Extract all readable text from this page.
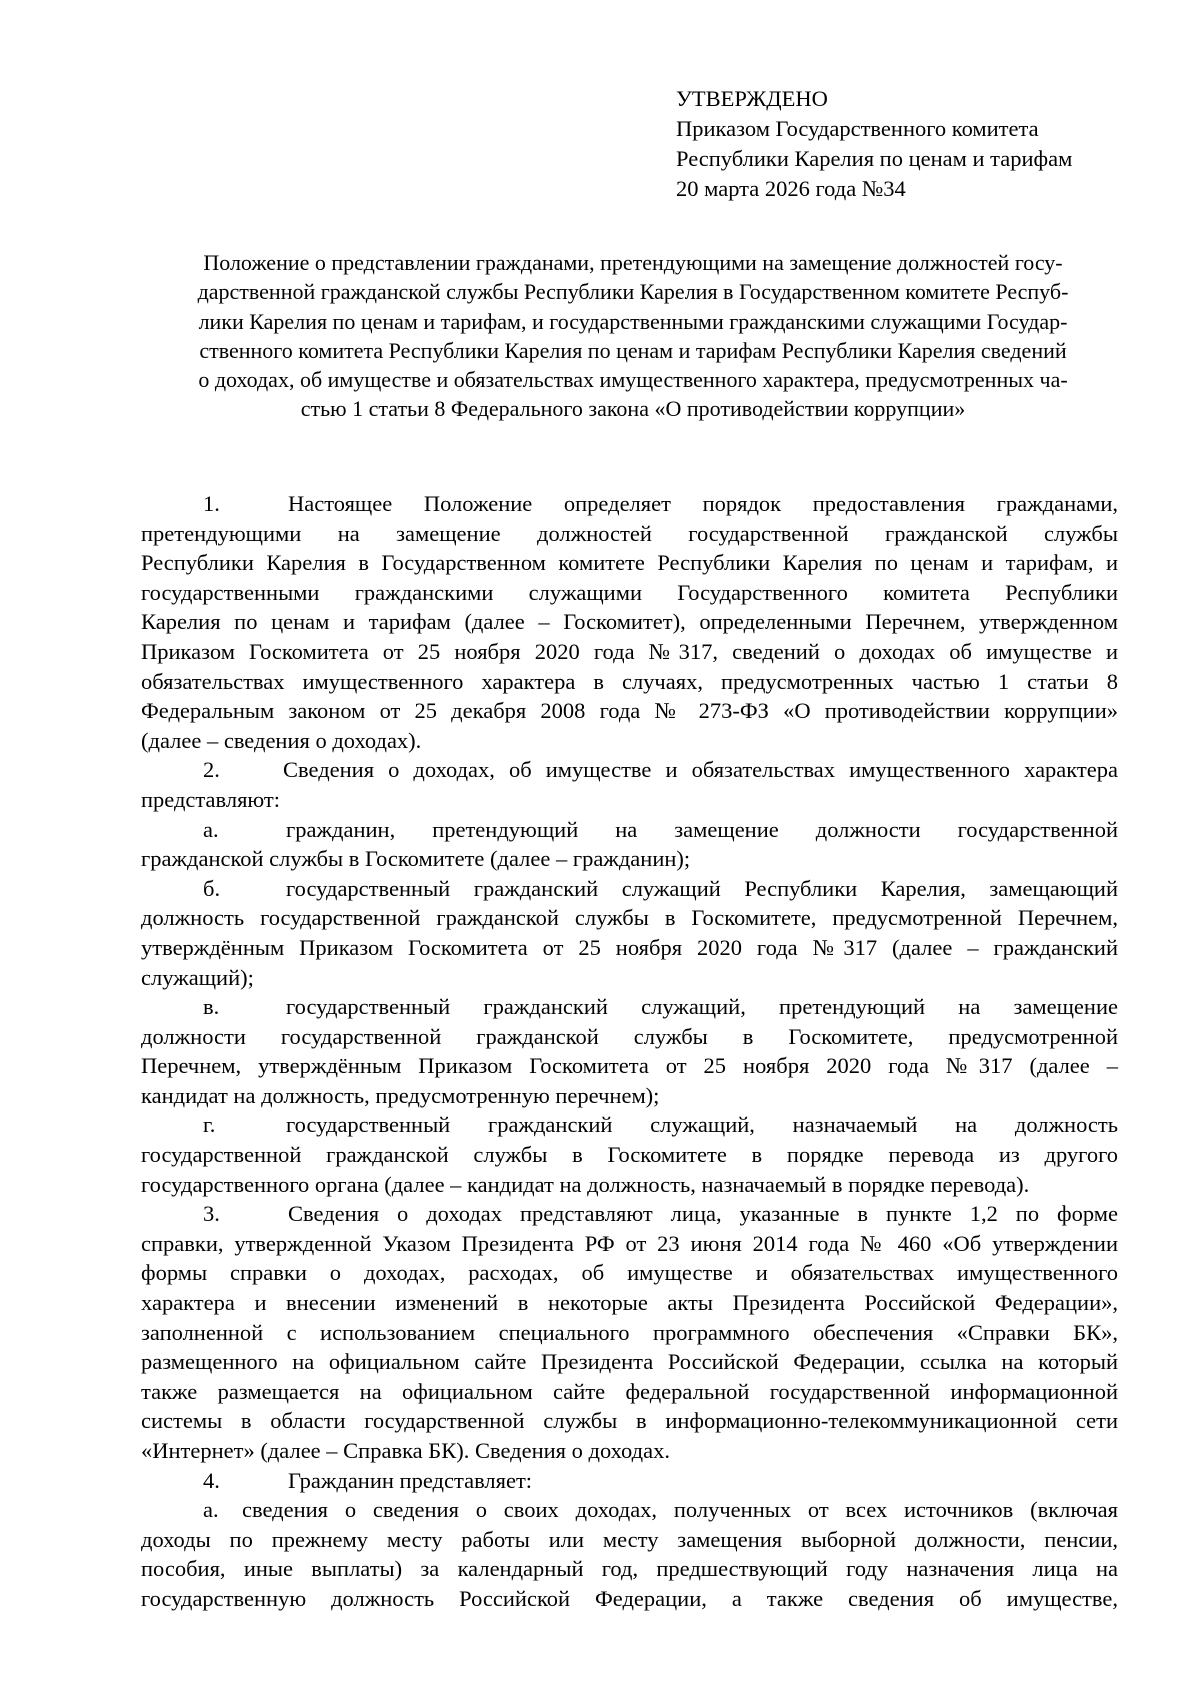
УТВЕРЖДЕНО
Приказом Государственного комитета
Республики Карелия по ценам и тарифам
20 марта 2026 года №34
Положение о представлении гражданами, претендующими на замещение должностей госу-
дарственной гражданской службы Республики Карелия в Государственном комитете Респуб-
лики Карелия по ценам и тарифам, и государственными гражданскими служащими Государ-
ственного комитета Республики Карелия по ценам и тарифам Республики Карелия сведений
о доходах, об имуществе и обязательствах имущественного характера, предусмотренных ча-
стью 1 статьи 8 Федерального закона «О противодействии коррупции»
1.	Настоящее Положение определяет порядок предоставления гражданами,
претендующими на замещение должностей государственной гражданской службы
Республики Карелия в Государственном комитете Республики Карелия по ценам и тарифам, и
государственными гражданскими служащими Государственного комитета Республики
Карелия по ценам и тарифам (далее – Госкомитет), определенными Перечнем, утвержденном
Приказом Госкомитета от 25 ноября 2020 года №317, сведений о доходах об имуществе и
обязательствах имущественного характера в случаях, предусмотренных частью 1 статьи 8
Федеральным законом от 25 декабря 2008 года № 273-ФЗ «О противодействии коррупции»
(далее – сведения о доходах).
2.	Сведения о доходах, об имуществе и обязательствах имущественного характера
представляют:
а.	гражданин, претендующий на замещение должности государственной
гражданской службы в Госкомитете (далее – гражданин);
б.	государственный гражданский служащий Республики Карелия, замещающий
должность государственной гражданской службы в Госкомитете, предусмотренной Перечнем,
утверждённым Приказом Госкомитета от 25 ноября 2020 года №317 (далее – гражданский
служащий);
в.	государственный гражданский служащий, претендующий на замещение
должности государственной гражданской службы в Госкомитете, предусмотренной
Перечнем, утверждённым Приказом Госкомитета от 25 ноября 2020 года №317 (далее –
кандидат на должность, предусмотренную перечнем);
г.	государственный гражданский служащий, назначаемый на должность
государственной гражданской службы в Госкомитете в порядке перевода из другого
государственного органа (далее – кандидат на должность, назначаемый в порядке перевода).
3.	Сведения о доходах представляют лица, указанные в пункте 1,2 по форме
справки, утвержденной Указом Президента РФ от 23 июня 2014 года № 460 «Об утверждении
формы справки о доходах, расходах, об имуществе и обязательствах имущественного
характера и внесении изменений в некоторые акты Президента Российской Федерации»,
заполненной с использованием специального программного обеспечения «Справки БК»,
размещенного на официальном сайте Президента Российской Федерации, ссылка на который
также размещается на официальном сайте федеральной государственной информационной
системы в области государственной службы в информационно-телекоммуникационной сети
«Интернет» (далее – Справка БК). Сведения о доходах.
4.	Гражданин представляет:
а. сведения о сведения о своих доходах, полученных от всех источников (включая
доходы по прежнему месту работы или месту замещения выборной должности, пенсии,
пособия, иные выплаты) за календарный год, предшествующий году назначения лица на
государственную должность Российской Федерации, а также сведения об имуществе,
